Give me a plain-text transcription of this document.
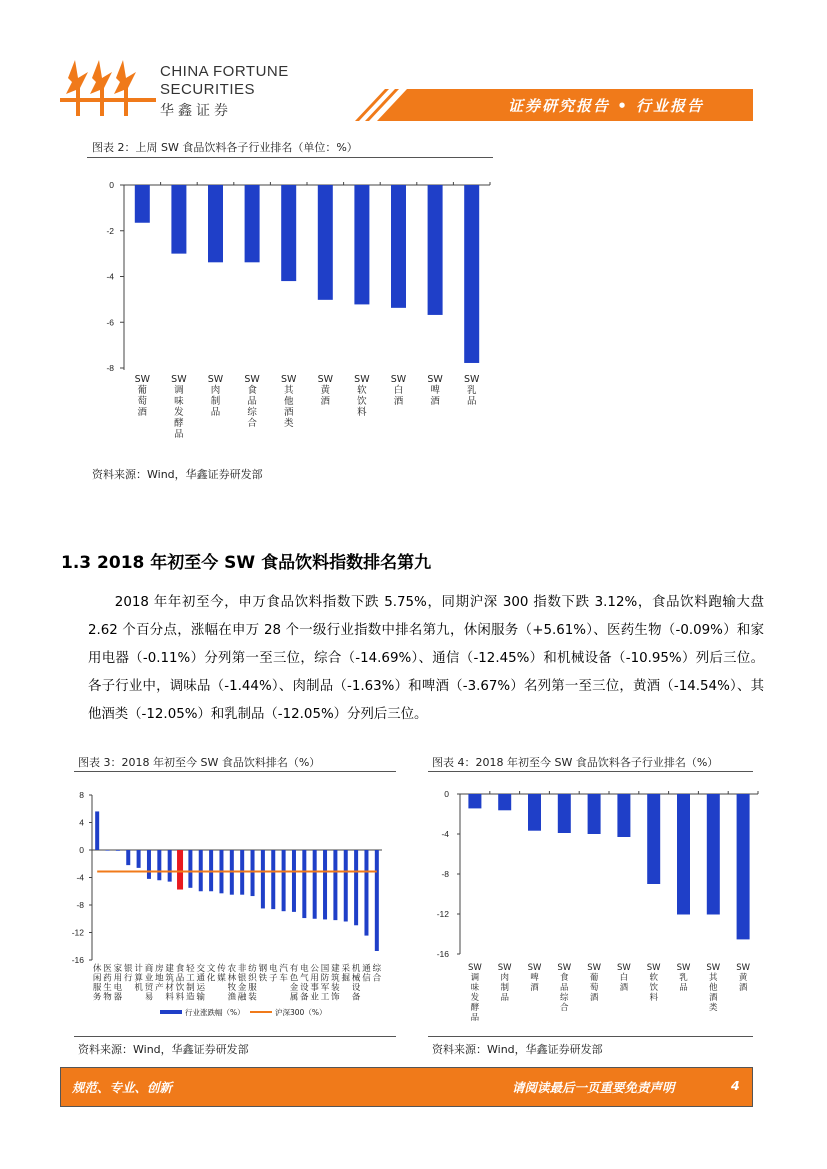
CHINA FORTUNE
SECURITIES
华鑫证券	证券研究报告 • 行业报告
图表 2：上周 SW 食品饮料各子行业排名（单位：%）
0
-2
-4
-6
-8
SW 葡萄酒
SW 调味发酵品
SW 肉制品
SW 食品综合
SW 其他酒类
SW 黄酒
SW 软饮料
SW 白酒
SW 啤酒
SW 乳品
资料来源：Wind，华鑫证券研发部
1.3 2018 年初至今 SW 食品饮料指数排名第九
2018 年年初至今，申万食品饮料指数下跌 5.75%，同期沪深 300 指数下跌 3.12%，食品饮料跑输大盘 2.62 个百分点，涨幅在申万 28 个一级行业指数中排名第九，休闲服务（+5.61%）、医药生物（-0.09%）和家用电器（-0.11%）分列第一至三位，综合（-14.69%）、通信（-12.45%）和机械设备（-10.95%）列后三位。各子行业中，调味品（-1.44%）、肉制品（-1.63%）和啤酒（-3.67%）名列第一至三位，黄酒（-14.54%）、其他酒类（-12.05%）和乳制品（-12.05%）分列后三位。
图表 3：2018 年初至今 SW 食品饮料排名（%）
8
4
0
-4
-8
-12
-16
休闲服务
医药生物
家用电器
银行
计算机
商业贸易
房地产
建筑材料
食品饮料
轻工制造
交通运输
文化
传媒
农林牧渔
非银金融
纺织服装
钢铁
电子
汽车
有色金属
电气设备
公用事业
国防军工
建筑装饰
采掘
机械设备
通信
综合
行业涨跌幅（%）	沪深300（%）
资料来源：Wind，华鑫证券研发部
图表 4：2018 年初至今 SW 食品饮料各子行业排名（%）
0
-4
-8
-12
-16
SW 调味发酵品
SW 肉制品
SW 啤酒
SW 食品综合
SW 葡萄酒
SW 白酒
SW 软饮料
SW 乳品
SW 其他酒类
SW 黄酒
资料来源：Wind，华鑫证券研发部
规范、专业、创新	请阅读最后一页重要免责声明	4
